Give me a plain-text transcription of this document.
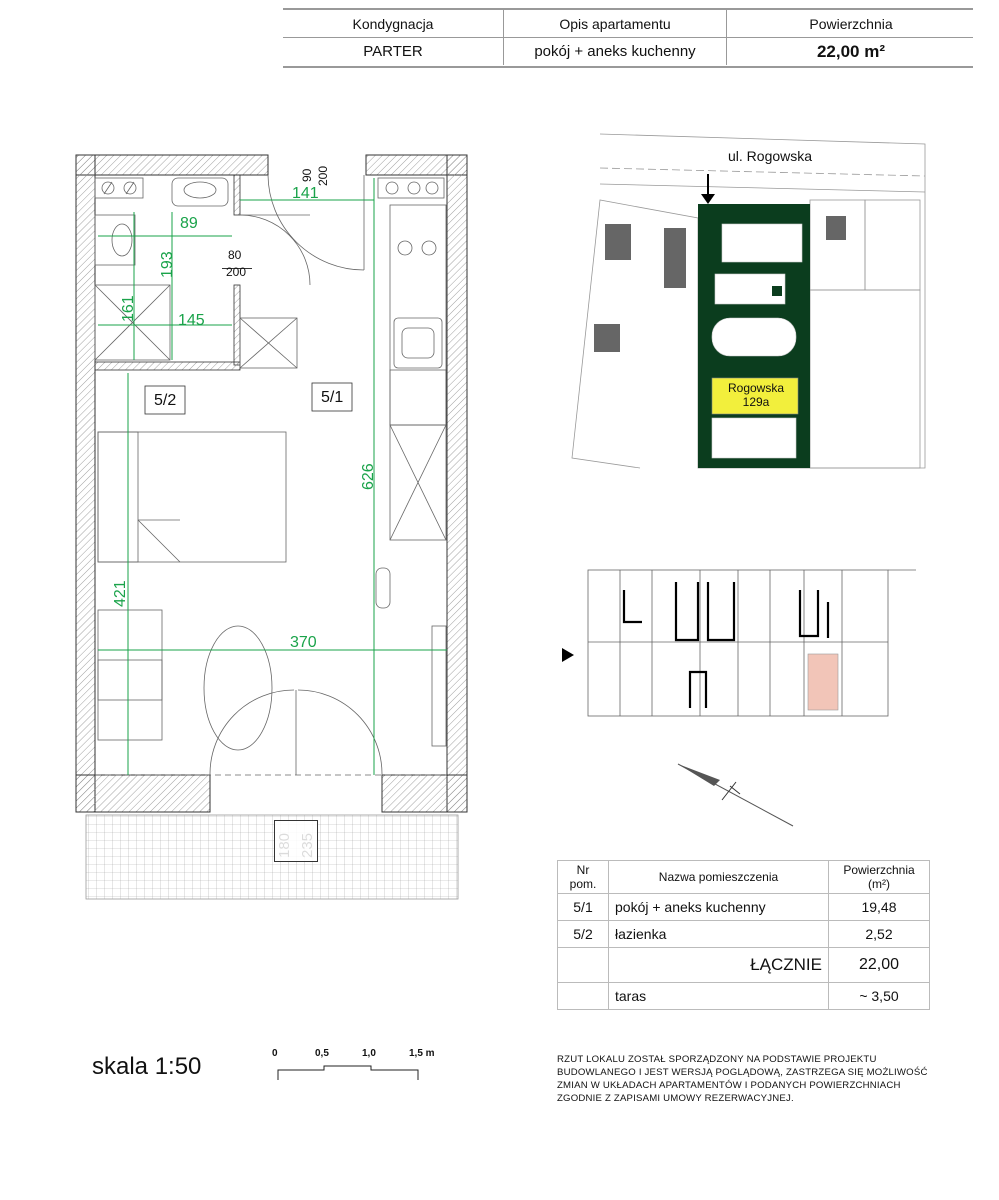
Kondygnacja	Opis apartamentu	Powierzchnia
PARTER	pokój + aneks kuchenny	22,00 m²
90 200
141
89
80
200
193
161	145
626
421
370
5/2	5/1
ul. Rogowska
Rogowska
129a
Nr
pom.	Nazwa pomieszczenia	Powierzchnia (m²)
5/1	pokój + aneks kuchenny	19,48
5/2	łazienka	2,52
	ŁĄCZNIE	22,00
	taras	~ 3,50
skala 1:50	0	0,5	1,0	1,5 m
RZUT LOKALU ZOSTAŁ SPORZĄDZONY NA PODSTAWIE PROJEKTU
BUDOWLANEGO I JEST WERSJĄ POGLĄDOWĄ, ZASTRZEGA SIĘ MOŻLIWOŚĆ
ZMIAN W UKŁADACH APARTAMENTÓW I PODANYCH POWIERZCHNIACH
ZGODNIE Z ZAPISAMI UMOWY REZERWACYJNEJ.
